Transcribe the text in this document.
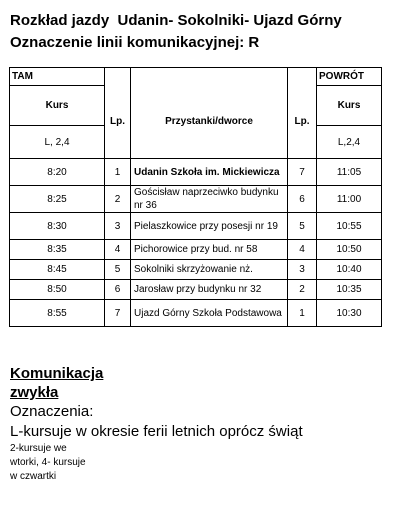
Rozkład jazdy  Udanin- Sokolniki- Ujazd Górny
Oznaczenie linii komunikacyjnej: R
TAM				POWRÓT
Kurs	Lp.	Przystanki/dworce	Lp.	Kurs
L, 2,4				L,2,4
8:20	1	Udanin Szkoła im. Mickiewicza	7	11:05
8:25	2	Gościsław naprzeciwko budynku nr 36	6	11:00
8:30	3	Pielaszkowice przy posesji nr 19	5	10:55
8:35	4	Pichorowice przy bud. nr 58	4	10:50
8:45	5	Sokolniki skrzyżowanie nż.	3	10:40
8:50	6	Jarosław przy budynku nr 32	2	10:35
8:55	7	Ujazd Górny Szkoła Podstawowa	1	10:30
Komunikacja
zwykła
Oznaczenia:
L-kursuje w okresie ferii letnich oprócz świąt
2-kursuje we
wtorki, 4- kursuje
w czwartki
